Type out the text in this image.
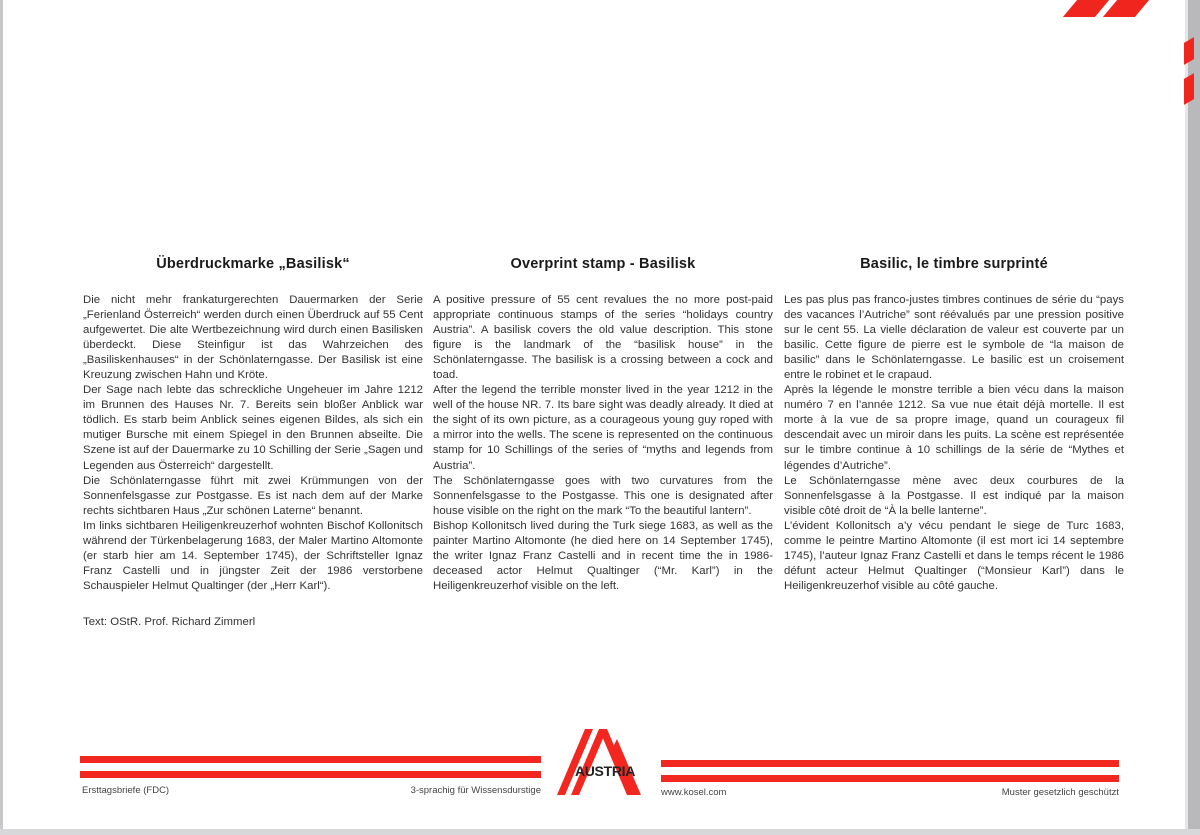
Überdruckmarke „Basilisk“

Die nicht mehr frankaturgerechten Dauermarken der Serie „Ferienland Österreich“ werden durch einen Überdruck auf 55 Cent aufgewertet. Die alte Wertbezeichnung wird durch einen Basilisken überdeckt. Diese Steinfigur ist das Wahrzeichen des „Basiliskenhauses“ in der Schönlaterngasse. Der Basilisk ist eine Kreuzung zwischen Hahn und Kröte.

Der Sage nach lebte das schreckliche Ungeheuer im Jahre 1212 im Brunnen des Hauses Nr. 7. Bereits sein bloßer Anblick war tödlich. Es starb beim Anblick seines eigenen Bildes, als sich ein mutiger Bursche mit einem Spiegel in den Brunnen abseilte. Die Szene ist auf der Dauermarke zu 10 Schilling der Serie „Sagen und Legenden aus Österreich“ dargestellt.

Die Schönlaterngasse führt mit zwei Krümmungen von der Sonnenfelsgasse zur Postgasse. Es ist nach dem auf der Marke rechts sichtbaren Haus „Zur schönen Laterne“ benannt.

Im links sichtbaren Heiligenkreuzerhof wohnten Bischof Kollonitsch während der Türkenbelagerung 1683, der Maler Martino Altomonte (er starb hier am 14. September 1745), der Schriftsteller Ignaz Franz Castelli und in jüngster Zeit der 1986 verstorbene Schauspieler Helmut Qualtinger (der „Herr Karl“).

Text: OStR. Prof. Richard Zimmerl
Overprint stamp - Basilisk

A positive pressure of 55 cent revalues the no more post-paid appropriate continuous stamps of the series “holidays country Austria”. A basilisk covers the old value description. This stone figure is the landmark of the “basilisk house” in the Schönlaterngasse. The basilisk is a crossing between a cock and toad.

After the legend the terrible monster lived in the year 1212 in the well of the house NR. 7. Its bare sight was deadly already. It died at the sight of its own picture, as a courageous young guy roped with a mirror into the wells. The scene is represented on the continuous stamp for 10 Schillings of the series of “myths and legends from Austria”.

The Schönlaterngasse goes with two curvatures from the Sonnenfelsgasse to the Postgasse. This one is designated after house visible on the right on the mark “To the beautiful lantern”.

Bishop Kollonitsch lived during the Turk siege 1683, as well as the painter Martino Altomonte (he died here on 14 September 1745), the writer Ignaz Franz Castelli and in recent time the in 1986-deceased actor Helmut Qualtinger (“Mr. Karl”) in the Heiligenkreuzerhof visible on the left.

Basilic, le timbre surprinté

Les pas plus pas franco-justes timbres continues de série du “pays des vacances l’Autriche” sont réévalués par une pression positive sur le cent 55. La vielle déclaration de valeur est couverte par un basilic. Cette figure de pierre est le symbole de “la maison de basilic” dans le Schönlaterngasse. Le basilic est un croisement entre le robinet et le crapaud.

Après la légende le monstre terrible a bien vécu dans la maison numéro 7 en l’année 1212. Sa vue nue était déjà mortelle. Il est morte à la vue de sa propre image, quand un courageux fil descendait avec un miroir dans les puits. La scène est représentée sur le timbre continue à 10 schillings de la série de “Mythes et légendes d’Autriche”.

Le Schönlaterngasse mène avec deux courbures de la Sonnenfelsgasse à la Postgasse. Il est indiqué par la maison visible côté droit de “À la belle lanterne”.

L’évident Kollonitsch a’y vécu pendant le siege de Turc 1683, comme le peintre Martino Altomonte (il est mort ici 14 septembre 1745), l’auteur Ignaz Franz Castelli et dans le temps récent le 1986 défunt acteur Helmut Qualtinger (“Monsieur Karl”) dans le Heiligenkreuzerhof visible au côté gauche.

AUSTRIA
Ersttagsbriefe (FDC)	3-sprachig für Wissensdurstige	www.kosel.com	Muster gesetzlich geschützt
